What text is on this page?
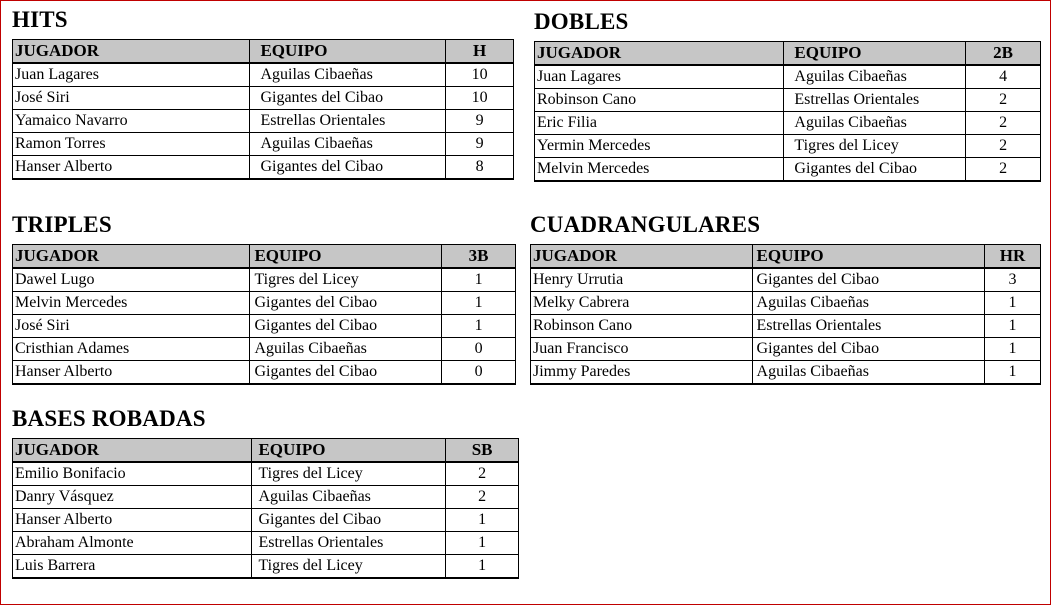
HITS
JUGADOR	EQUIPO	H
Juan Lagares	Aguilas Cibaeñas	10
José Siri	Gigantes del Cibao	10
Yamaico Navarro	Estrellas Orientales	9
Ramon Torres	Aguilas Cibaeñas	9
Hanser Alberto	Gigantes del Cibao	8
DOBLES
JUGADOR	EQUIPO	2B
Juan Lagares	Aguilas Cibaeñas	4
Robinson Cano	Estrellas Orientales	2
Eric Filia	Aguilas Cibaeñas	2
Yermin Mercedes	Tigres del Licey	2
Melvin Mercedes	Gigantes del Cibao	2
TRIPLES
JUGADOR	EQUIPO	3B
Dawel Lugo	Tigres del Licey	1
Melvin Mercedes	Gigantes del Cibao	1
José Siri	Gigantes del Cibao	1
Cristhian Adames	Aguilas Cibaeñas	0
Hanser Alberto	Gigantes del Cibao	0
CUADRANGULARES
JUGADOR	EQUIPO	HR
Henry Urrutia	Gigantes del Cibao	3
Melky Cabrera	Aguilas Cibaeñas	1
Robinson Cano	Estrellas Orientales	1
Juan Francisco	Gigantes del Cibao	1
Jimmy Paredes	Aguilas Cibaeñas	1
BASES ROBADAS
JUGADOR	EQUIPO	SB
Emilio Bonifacio	Tigres del Licey	2
Danry Vásquez	Aguilas Cibaeñas	2
Hanser Alberto	Gigantes del Cibao	1
Abraham Almonte	Estrellas Orientales	1
Luis Barrera	Tigres del Licey	1
